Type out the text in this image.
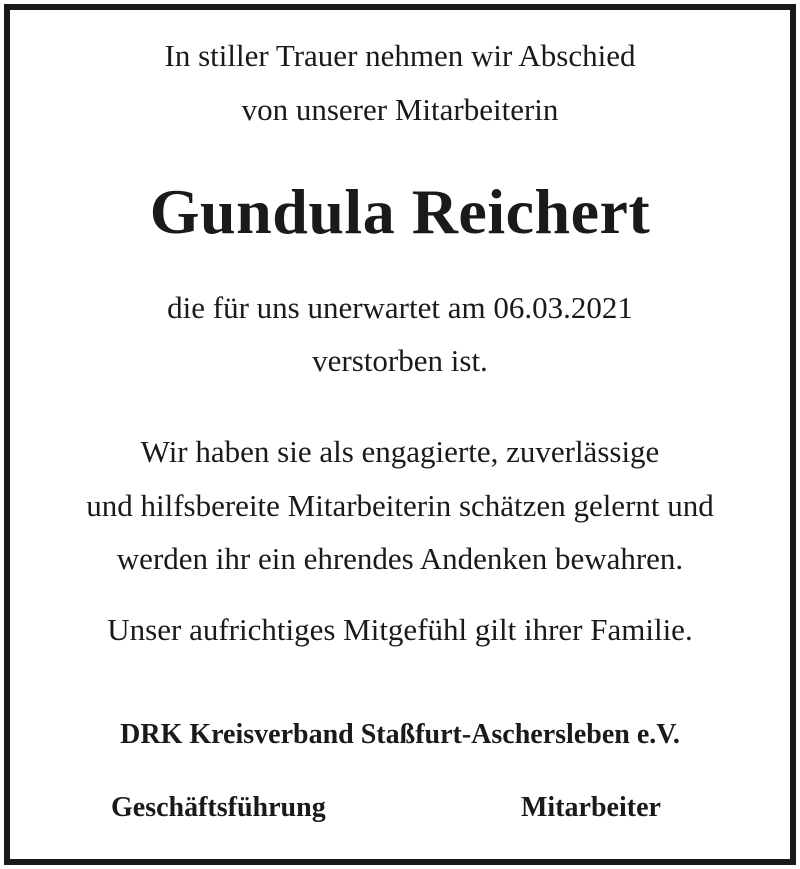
In stiller Trauer nehmen wir Abschied
von unserer Mitarbeiterin
Gundula Reichert
die für uns unerwartet am 06.03.2021
verstorben ist.
Wir haben sie als engagierte, zuverlässige
und hilfsbereite Mitarbeiterin schätzen gelernt und
werden ihr ein ehrendes Andenken bewahren.
Unser aufrichtiges Mitgefühl gilt ihrer Familie.
DRK Kreisverband Staßfurt-Aschersleben e.V.
Geschäftsführung	Mitarbeiter
